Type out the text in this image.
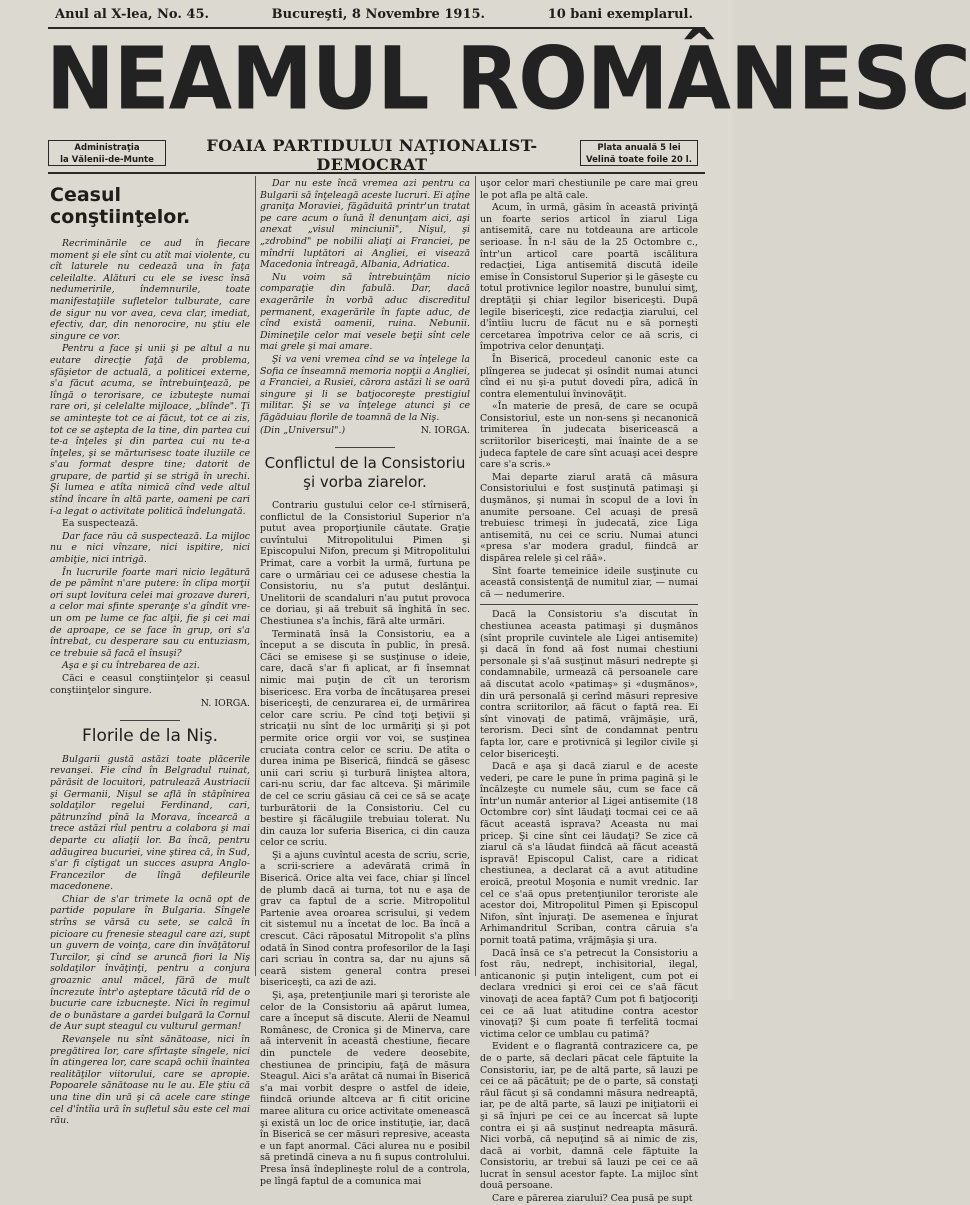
Anul al X-lea, No. 45.	Bucureşti, 8 Novembre 1915.	10 bani exemplarul.
NEAMUL ROMÂNESC
Administraţia
la Vălenii-de-Munte
FOAIA PARTIDULUI NAŢIONALIST-DEMOCRAT
Plata anuală 5 lei
Velină toate foile 20 l.
Ceasul conştiinţelor.

Recriminările ce aud în fiecare moment şi ele sînt cu atît mai violente, cu cît laturele nu cedează una în faţa celeilalte. Alături cu ele se ivesc însă nedumeririle, îndemnurile, toate manifestaţiile sufletelor tulburate, care de sigur nu vor avea, ceva clar, imediat, efectiv, dar, din nenorocire, nu ştiu ele singure ce vor.

Pentru a face şi unii şi pe altul a nu eutare direcţie faţă de problema, sfăşietor de actuală, a politicei externe, s'a făcut acuma, se întrebuinţează, pe lîngă o terorisare, ce izbuteşte numai rare ori, şi celelalte mijloace, „blînde". Ţi se aminteşte tot ce ai făcut, tot ce ai zis, tot ce se aştepta de la tine, din partea cui te-a înţeles şi din partea cui nu te-a înţeles, şi se mărturisesc toate iluziile ce s'au format despre tine; datorit de grupare, de partid şi se strigă în urechi. Şi lumea e atîta nimică cînd vede altul stînd încare în altă parte, oameni pe cari i-a legat o activitate politică îndelungată.

Ea suspectează.

Dar face rău că suspectează. La mijloc nu e nici vînzare, nici ispitire, nici ambiţie, nici intrigă.

În lucrurile foarte mari nicio legătură de pe pămînt n'are putere: în clipa morţii ori supt lovitura celei mai grozave dureri, a celor mai sfinte speranţe s'a gîndit vre-un om pe lume ce fac alţii, fie şi cei mai de aproape, ce se face în grup, ori s'a întrebat, cu desperare sau cu entuziasm, ce trebuie să facă el însuşi?

Aşa e şi cu întrebarea de azi.

Căci e ceasul conştiinţelor şi ceasul conştiinţelor singure.

N. IORGA.
Florile de la Niş.

Bulgarii gustă astăzi toate plăcerile revanşei. Fie cînd în Belgradul ruinat, părăsit de locuitori, patrulează Austriacii şi Germanii, Nişul se află în stăpînirea soldaţilor regelui Ferdinand, cari, pătrunzînd pînă la Morava, încearcă a trece astăzi rîul pentru a colabora şi mai departe cu aliaţii lor. Ba încă, pentru adăugirea bucuriei, vine ştirea că, în Sud, s'ar fi cîştigat un succes asupra Anglo-Francezilor de lîngă defileurile macedonene.

Chiar de s'ar trimete la ocnă opt de partide populare în Bulgaria. Sîngele strîns se vărsă cu sete, se calcă în picioare cu frenesie steagul care azi, supt un guvern de voinţa, care din învăţătorul Turcilor, şi cînd se aruncă fiori la Niş soldaţilor învăţinţi, pentru a conjura groaznic anul măcel, fără de mult încrezute într'o aşteptare tăcută rîd de o bucurie care izbucneşte. Nici în regimul de o bunăstare a gardei bulgară la Cornul de Aur supt steagul cu vulturul german!

Revanşele nu sînt sănătoase, nici în pregătirea lor, care sfîrtaşte sîngele, nici în atingerea lor, care scapă ochii înaintea realităţilor viitorului, care se apropie. Popoarele sănătoase nu le au. Ele ştiu că una tine din ură şi că acele care stinge cel d'întîia ură în sufletul său este cel mai rău.

Dar nu este încă vremea azi pentru ca Bulgarii să înţeleagă aceste lucruri. Ei aţîne graniţa Moraviei, făgăduită printr'un tratat pe care acum o îună îl denunţam aici, aşi anexat „visul minciunii", Nişul, şi „zdrobind" pe nobilii aliaţi ai Franciei, pe mîndrii luptători ai Angliei, ei visează Macedonia întreagă, Albania, Adriatica.

Nu voim să întrebuinţăm nicio comparaţie din fabulă. Dar, dacă exagerările în vorbă aduc discreditul permanent, exagerările în fapte aduc, de cînd există oamenii, ruina. Nebunii. Dimineţile celor mai vesele beţii sînt cele mai grele şi mai amare.

Şi va veni vremea cînd se va înţelege la Sofia ce înseamnă memoria nopţii a Angliei, a Franciei, a Rusiei, cărora astăzi li se oară singure şi li se batjocoreşte prestigiul militar. Şi se va înţelege atunci şi ce făgăduiau florile de toamnă de la Niş.

(Din „Universul".)	N. IORGA.
Conflictul de la Consistoriu şi vorba ziarelor.

Contrariu gustului celor ce-l stîrniseră, conflictul de la Consistoriul Superior n'a putut avea proporţiunile căutate. Graţie cuvîntului Mitropolitului Pimen şi Episcopului Nifon, precum şi Mitropolitului Primat, care a vorbit la urmă, furtuna pe care o urmăriau cei ce adusese chestia la Consistoriu, nu s'a putut deslănţui. Unelitorii de scandaluri n'au putut provoca ce doriau, şi aă trebuit să înghită în sec. Chestiunea s'a închis, fără alte urmări.

Terminată însă la Consistoriu, ea a început a se discuta în public, în presă. Căci se emisese şi se susţinuse o ideie, care, dacă s'ar fi aplicat, ar fi însemnat nimic mai puţin de cît un terorism bisericesc. Era vorba de încătuşarea presei bisericeşti, de cenzurarea ei, de urmărirea celor care scriu. Pe cînd toţi beţivii şi stricaţii nu sînt de loc urmăriţi şi şi pot permite orice orgii vor voi, se susţinea cruciata contra celor ce scriu. De atîta o durea inima pe Biserică, fiindcă se găsesc unii cari scriu şi turbură liniştea altora, cari-nu scriu, dar fac altceva. Şi mărimile de cel ce scriu găsiau că cei ce să se acaţe turburătorii de la Consistoriu. Cel cu bestire şi făcălugiile trebuiau tolerat. Nu din cauza lor suferia Biserica, ci din cauza celor ce scriu.

Şi a ajuns cuvîntul acesta de scriu, scrie, a scrii-scriere a adevărată crimă în Biserică. Orice alta vei face, chiar şi lîncel de plumb dacă ai turna, tot nu e aşa de grav ca faptul de a scrie. Mitropolitul Partenie avea oroarea scrisului, şi vedem cit sistemul nu a încetat de loc. Ba încă a crescut. Căci răposatul Mitropolit s'a plîns odată în Sinod contra profesorilor de la Iaşi cari scriau în contra sa, dar nu ajuns să ceară sistem general contra presei bisericeşti, ca azi de azi.

Şi, aşa, pretenţiunile mari şi teroriste ale celor de la Consistoriu aă apărut lumea, care a început să discute. Alerii de Neamul Românesc, de Cronica şi de Minerva, care aă intervenit în această chestiune, fiecare din punctele de vedere deosebite, chestiunea de principiu, faţă de măsura Steagul. Aici s'a arătat că numai în Biserică s'a mai vorbit despre o astfel de ideie, fiindcă oriunde altceva ar fi citit oricine maree alitura cu orice activitate omenească şi există un loc de orice instituţie, iar, dacă în Biserică se cer măsuri represive, aceasta e un fapt anormal. Căci alurea nu e posibil să pretindă cineva a nu fi supus controlului. Presa însă îndeplineşte rolul de a controla, pe lîngă faptul de a comunica mai

uşor celor mari chestiunile pe care mai greu le pot afla pe altă cale.

Acum, în urmă, găsim în această privinţă un foarte serios articol în ziarul Liga antisemită, care nu totdeauna are articole serioase. În n-l său de la 25 Octombre c., într'un articol care poartă iscălitura redacţiei, Liga antisemită discută ideile emise în Consistorul Superior şi le găseşte cu totul protivnice legilor noastre, bunului simţ, dreptăţii şi chiar legilor bisericeşti. După legile bisericeşti, zice redacţia ziarului, cel d'întîiu lucru de făcut nu e să porneşti cercetarea împotriva celor ce aă scris, ci împotriva celor denunţaţi.

În Biserică, procedeul canonic este ca plîngerea se judecat şi osîndit numai atunci cînd ei nu şi-a putut dovedi pîra, adică în contra elementului învinovăţit.

«În materie de presă, de care se ocupă Consistoriul, este un non-sens şi necanonică trimiterea în judecata bisericească a scriitorilor bisericeşti, mai înainte de a se judeca faptele de care sînt acuaşi acei despre care s'a scris.»

Mai departe ziarul arată că măsura Consistoriului e fost susţinută patimaşi şi duşmănos, şi numai în scopul de a lovi în anumite persoane. Cel acuaşi de presă trebuiesc trimeşi în judecată, zice Liga antisemită, nu cei ce scriu. Numai atunci «presa s'ar modera gradul, fiindcă ar dispărea relele şi cel răă».

Sînt foarte temeinice ideile susţinute cu această consistenţă de numitul ziar, — numai că — nedumerire.

Dacă la Consistoriu s'a discutat în chestiunea aceasta patimaşi şi duşmănos (sînt proprile cuvintele ale Ligei antisemite) şi dacă în fond aă fost numai chestiuni personale şi s'aă susţinut măsuri nedrepte şi condamnabile, urmează că persoanele care aă discutat acolo «patimaş» şi «duşmănos», din ură personală şi cerînd măsuri represive contra scriitorilor, aă făcut o faptă rea. Ei sînt vinovaţi de patimă, vrăjmăşie, ură, terorism. Deci sînt de condamnat pentru fapta lor, care e protivnică şi legilor civile şi celor bisericeşti.

Dacă e aşa şi dacă ziarul e de aceste vederi, pe care le pune în prima pagină şi le încălzeşte cu numele său, cum se face că într'un număr anterior al Ligei antisemite (18 Octombre cor) sînt lăudaţi tocmai cei ce aă făcut această isprava? Aceasta nu mai pricep. Şi cine sînt cei lăudaţi? Se zice că ziarul că s'a lăudat fiindcă aă făcut această ispravă! Episcopul Calist, care a ridicat chestiunea, a declarat că a avut atitudine eroică, preotul Moşonia e numit vrednic. Iar cel ce s'aă opus pretenţiunilor teroriste ale acestor doi, Mitropolitul Pimen şi Episcopul Nifon, sînt înjuraţi. De asemenea e înjurat Arhimandritul Scriban, contra căruia s'a pornit toată patima, vrăjmăşia şi ura.

Dacă însă ce s'a petrecut la Consistoriu a fost rău, nedrept, inchisitorial, ilegal, anticanonic şi puţin inteligent, cum pot ei declara vrednici şi eroi cei ce s'aă făcut vinovaţi de acea faptă? Cum pot fi batjocoriţi cei ce aă luat atitudine contra acestor vinovaţi? Şi cum poate fi terfelită tocmai victima celor ce umblau cu patimă?

Evident e o flagrantă contrazicere ca, pe de o parte, să declari păcat cele făptuite la Consistoriu, iar, pe de altă parte, să lauzi pe cei ce aă păcătuit; pe de o parte, să constaţi răul făcut şi să condamni măsura nedreaptă, iar, pe de altă parte, să lauzi pe iniţiatorii ei şi să înjuri pe cei ce au încercat să lupte contra ei şi aă susţinut nedreapta măsură. Nici vorbă, că nepuţind să ai nimic de zis, dacă ai vorbit, damnă cele făptuite la Consistoriu, ar trebui să lauzi pe cei ce aă lucrat în sensul acestor fapte. La mijloc sînt două persoane.

Care e părerea ziarului? Cea pusă pe supt
